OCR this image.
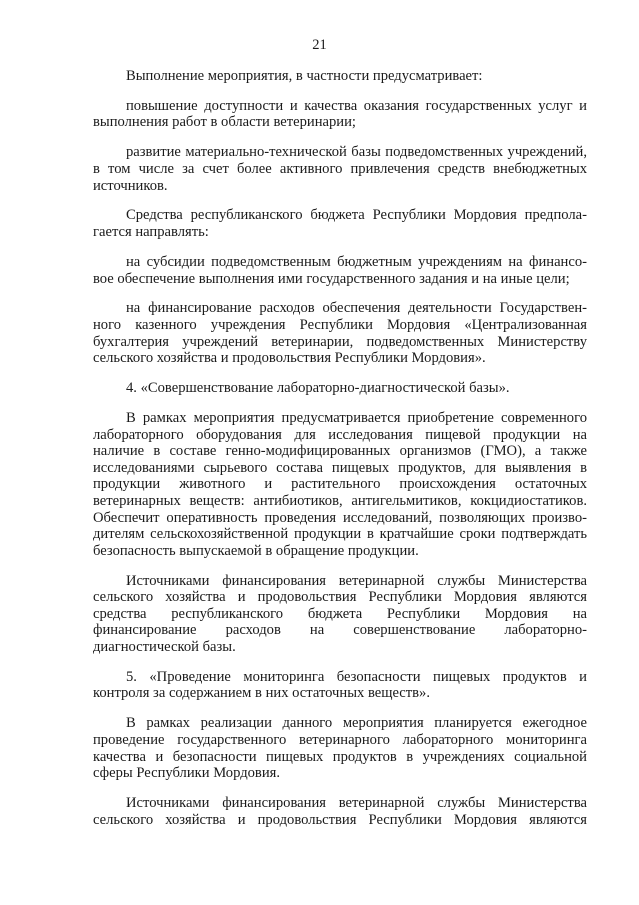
21

Выполнение мероприятия, в частности предусматривает:

повышение доступности и качества оказания государственных услуг и выполнения работ в области ветеринарии;

развитие материально-технической базы подведомственных учреждений, в том числе за счет более активного привлечения средств внебюджетных источников.

Средства республиканского бюджета Республики Мордовия предпола-гается направлять:

на субсидии подведомственным бюджетным учреждениям на финансо-вое обеспечение выполнения ими государственного задания и на иные цели;

на финансирование расходов обеспечения деятельности Государствен-ного казенного учреждения Республики Мордовия «Централизованная бухгалтерия учреждений ветеринарии, подведомственных Министерству сельского хозяйства и продовольствия Республики Мордовия».

4. «Совершенствование лабораторно-диагностической базы».

В рамках мероприятия предусматривается приобретение современного лабораторного оборудования для исследования пищевой продукции на наличие в составе генно-модифицированных организмов (ГМО), а также исследованиями сырьевого состава пищевых продуктов, для выявления в продукции животного и растительного происхождения остаточных ветеринарных веществ: антибиотиков, антигельмитиков, кокцидиостатиков. Обеспечит оперативность проведения исследований, позволяющих произво-дителям сельскохозяйственной продукции в кратчайшие сроки подтверждать безопасность выпускаемой в обращение продукции.

Источниками финансирования ветеринарной службы Министерства сельского хозяйства и продовольствия Республики Мордовия являются средства республиканского бюджета Республики Мордовия на финансирование расходов на совершенствование лабораторно-диагностической базы.

5. «Проведение мониторинга безопасности пищевых продуктов и контроля за содержанием в них остаточных веществ».

В рамках реализации данного мероприятия планируется ежегодное проведение государственного ветеринарного лабораторного мониторинга качества и безопасности пищевых продуктов в учреждениях социальной сферы Республики Мордовия.

Источниками финансирования ветеринарной службы Министерства сельского хозяйства и продовольствия Республики Мордовия являются
